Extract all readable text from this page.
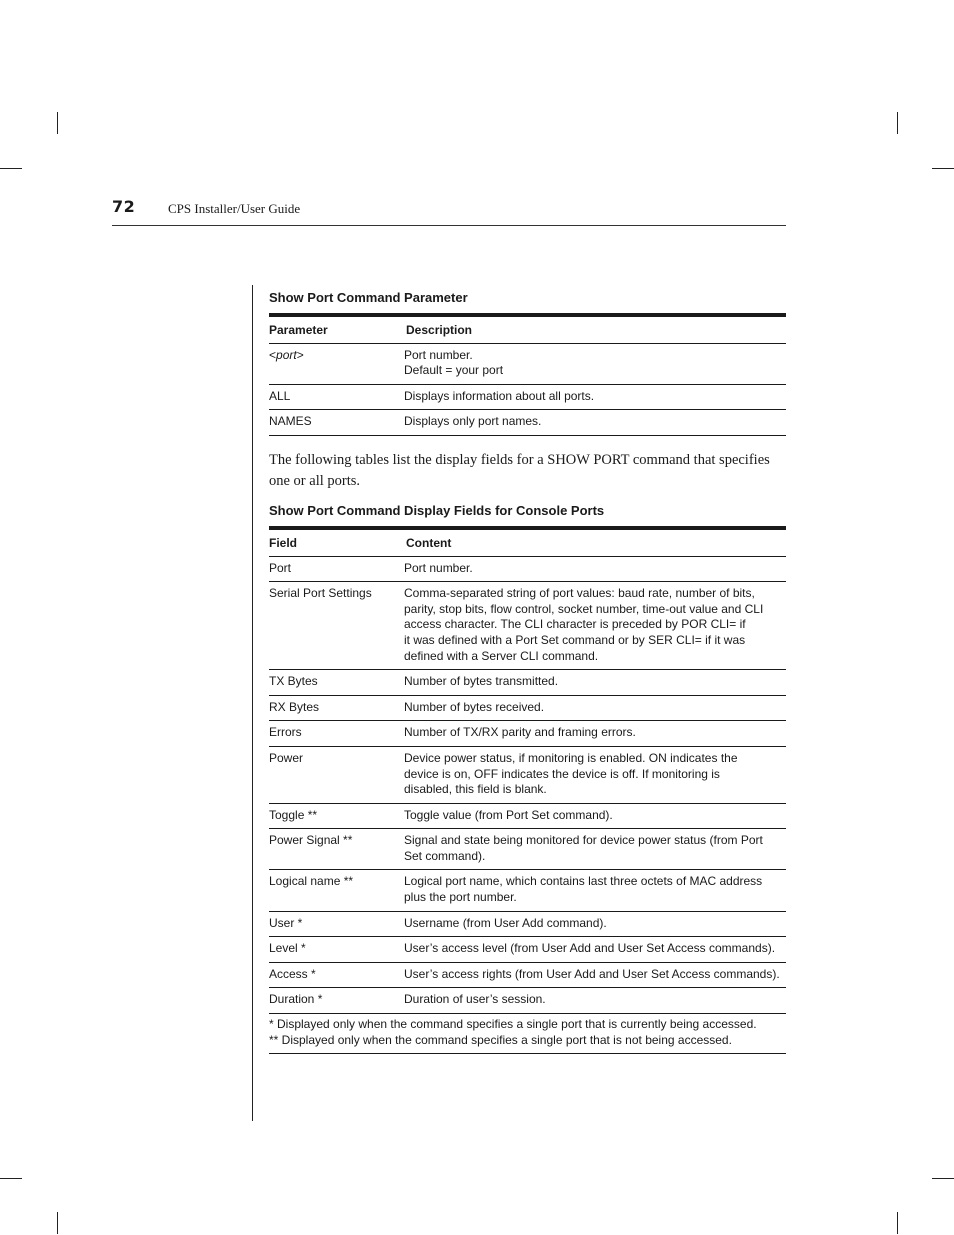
72	CPS Installer/User Guide
Show Port Command Parameter
Parameter	Description
<port>	Port number.
Default = your port

ALL	Displays information about all ports.

NAMES	Displays only port names.

The following tables list the display fields for a SHOW PORT command that specifies one or all ports.

Show Port Command Display Fields for Console Ports
Field	Content
Port	Port number.

Serial Port Settings	Comma-separated string of port values: baud rate, number of bits,
parity, stop bits, flow control, socket number, time-out value and CLI
access character. The CLI character is preceded by POR CLI= if
it was defined with a Port Set command or by SER CLI= if it was
defined with a Server CLI command.

TX Bytes	Number of bytes transmitted.

RX Bytes	Number of bytes received.

Errors	Number of TX/RX parity and framing errors.

Power	Device power status, if monitoring is enabled. ON indicates the
device is on, OFF indicates the device is off. If monitoring is
disabled, this field is blank.

Toggle **	Toggle value (from Port Set command).

Power Signal **	Signal and state being monitored for device power status (from Port
Set command).

Logical name **	Logical port name, which contains last three octets of MAC address
plus the port number.

User *	Username (from User Add command).

Level *	User’s access level (from User Add and User Set Access commands).

Access *	User’s access rights (from User Add and User Set Access commands).

Duration *	Duration of user’s session.

* Displayed only when the command specifies a single port that is currently being accessed.
** Displayed only when the command specifies a single port that is not being accessed.	
